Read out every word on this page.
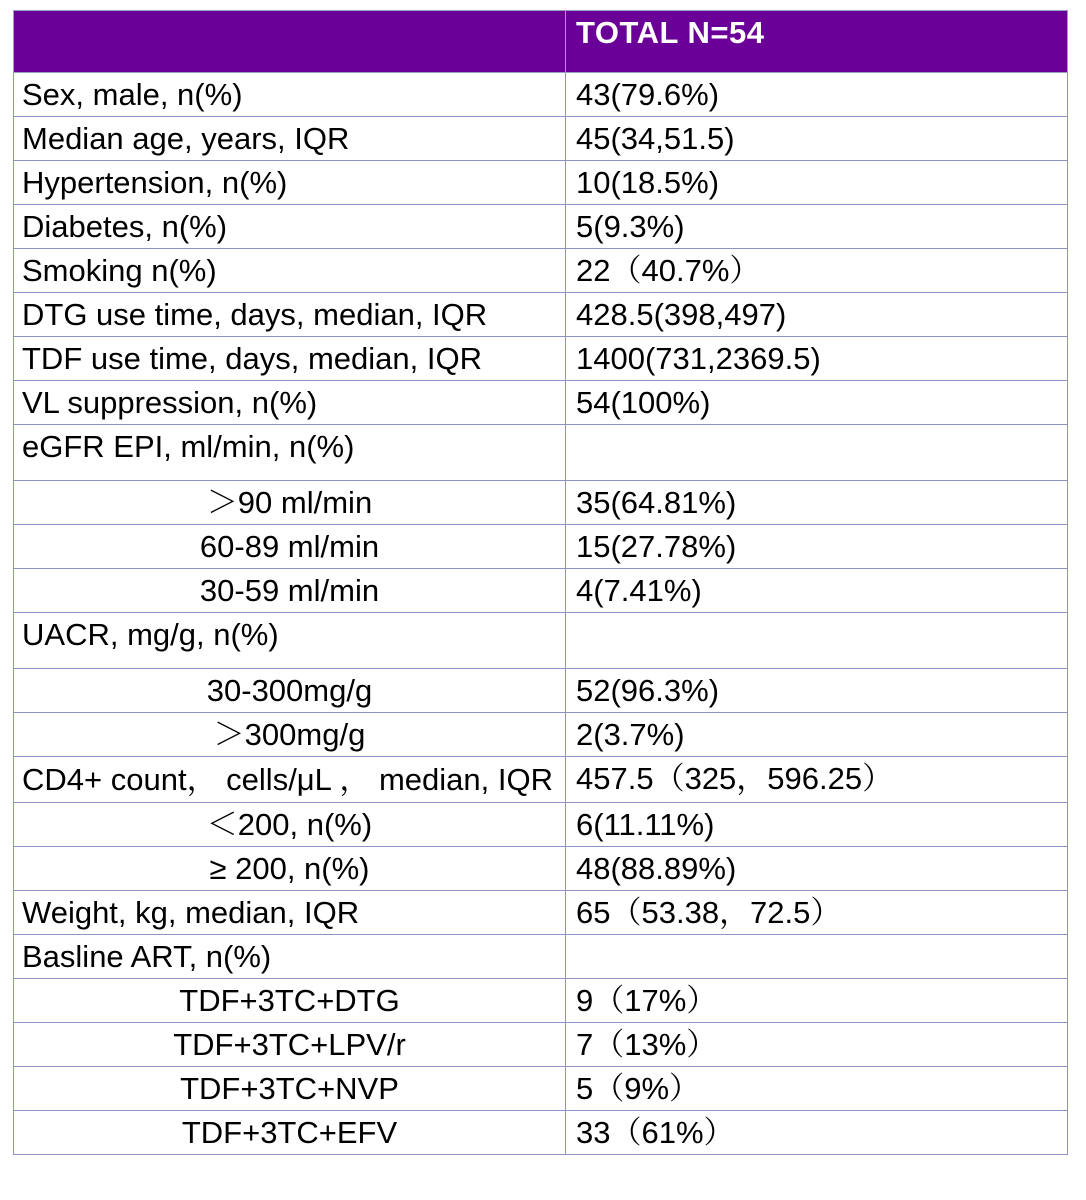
	TOTAL N=54
Sex, male, n(%)	43(79.6%)
Median age, years, IQR	45(34,51.5)
Hypertension, n(%)	10(18.5%)
Diabetes, n(%)	5(9.3%)
Smoking n(%)	22（40.7%）
DTG use time, days, median, IQR	428.5(398,497)
TDF use time, days, median, IQR	1400(731,2369.5)
VL suppression, n(%)	54(100%)
eGFR EPI, ml/min, n(%)	
＞90 ml/min	35(64.81%)
60-89 ml/min	15(27.78%)
30-59 ml/min	4(7.41%)
UACR, mg/g, n(%)	
30-300mg/g	52(96.3%)
＞300mg/g	2(3.7%)
CD4+ count， cells/μL ， median, IQR	457.5（325，596.25）
＜200, n(%)	6(11.11%)
≥ 200, n(%)	48(88.89%)
Weight, kg, median, IQR	65（53.38，72.5）
Basline ART, n(%)	
TDF+3TC+DTG	9（17%）
TDF+3TC+LPV/r	7（13%）
TDF+3TC+NVP	5（9%）
TDF+3TC+EFV	33（61%）
